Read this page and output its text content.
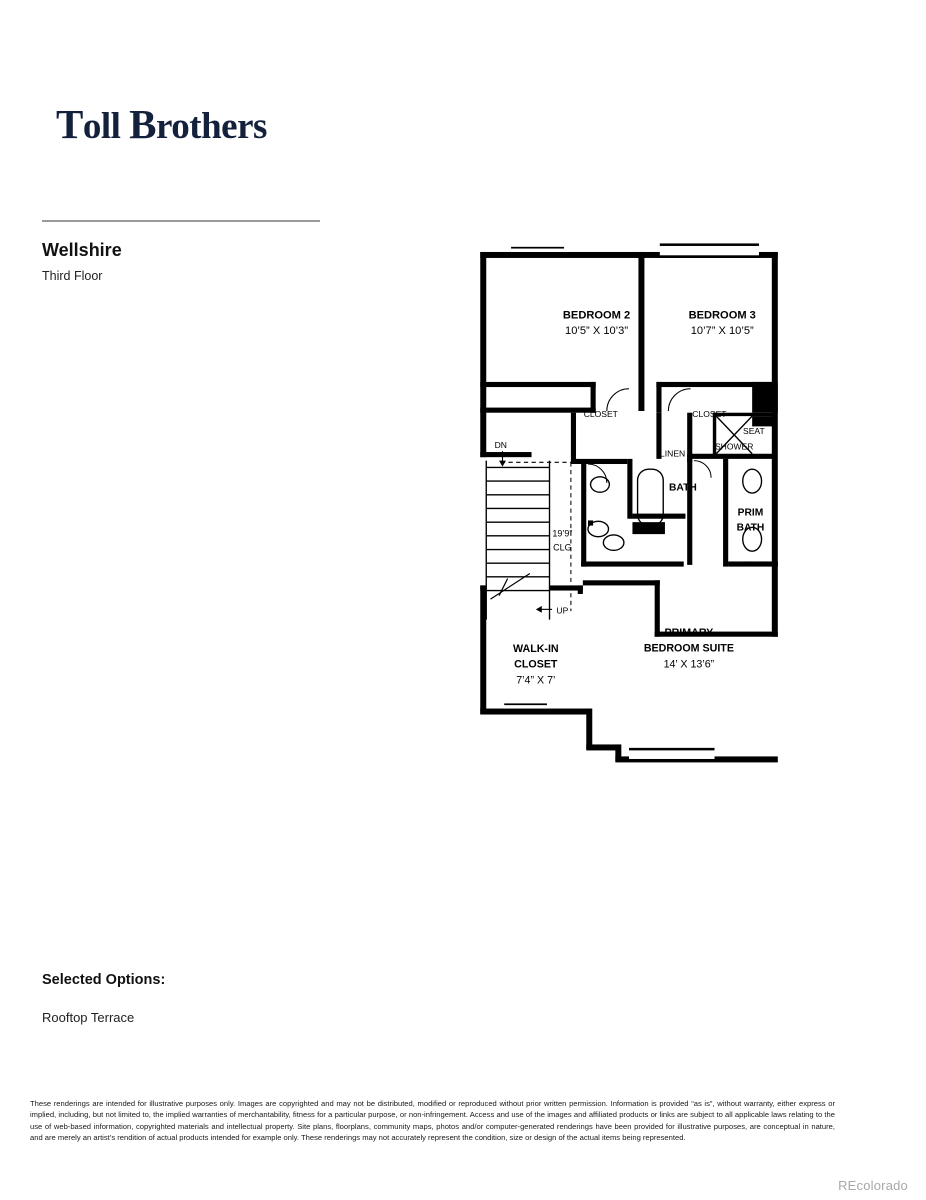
Toll Brothers
Wellshire
Third Floor
BEDROOM 2
10’5” X 10’3”
BEDROOM 3
10’7” X 10’5”
CLOSET	CLOSET
LINEN
SHOWER
SEAT
BATH
PRIM
BATH
19’9”
CLG
DN
UP
WALK-IN
CLOSET
7’4” X 7’
PRIMARY
BEDROOM SUITE
14’ X 13’6”
Selected Options:
Rooftop Terrace
These renderings are intended for illustrative purposes only. Images are copyrighted and may not be distributed, modified or reproduced without prior written permission. Information is provided “as is”, without warranty, either express or implied, including, but not limited to, the implied warranties of merchantability, fitness for a particular purpose, or non-infringement. Access and use of the images and affiliated products or links are subject to all applicable laws relating to the use of web-based information, copyrighted materials and intellectual property. Site plans, floorplans, community maps, photos and/or computer-generated renderings have been provided for illustrative purposes, are conceptual in nature, and are merely an artist’s rendition of actual products intended for example only. These renderings may not accurately represent the condition, size or design of the actual items being represented.
REcolorado
